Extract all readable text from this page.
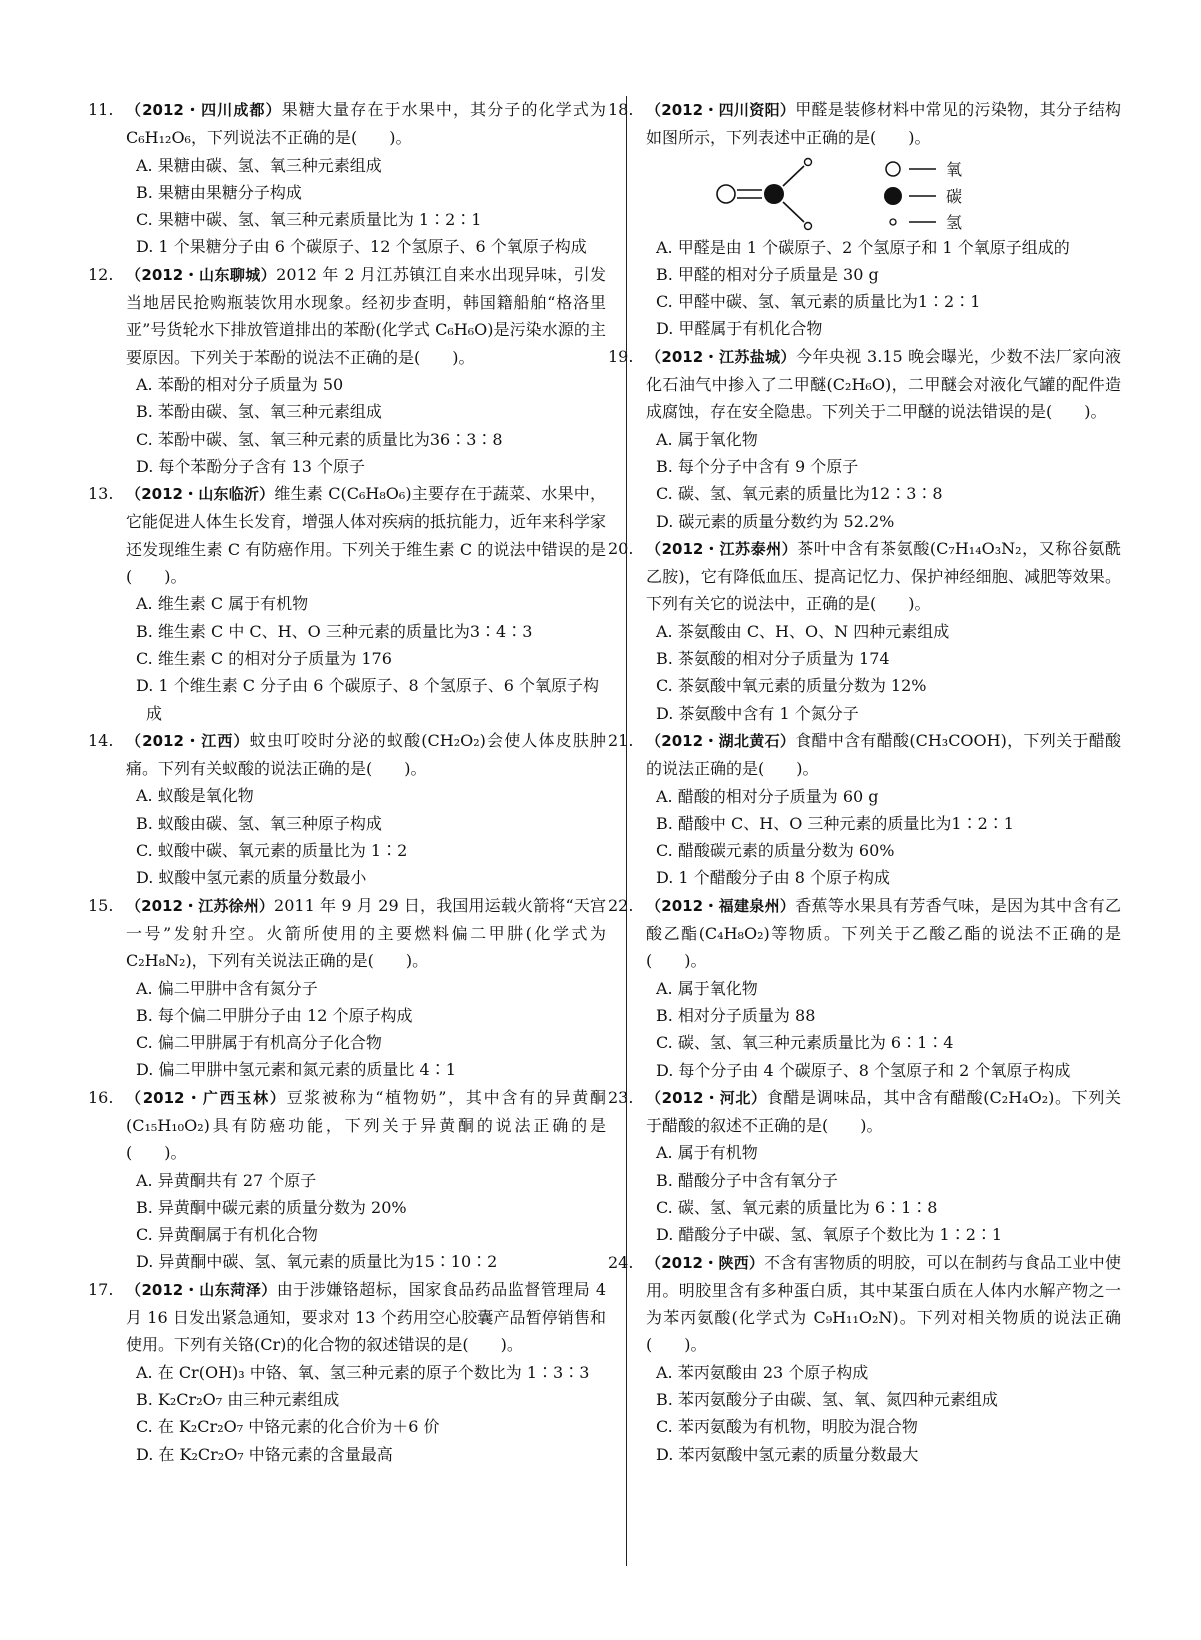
11. （2012・四川成都）果糖大量存在于水果中，其分子的化学式为 C₆H₁₂O₆，下列说法不正确的是(　　)。
A. 果糖由碳、氢、氧三种元素组成
B. 果糖由果糖分子构成
C. 果糖中碳、氢、氧三种元素质量比为 1∶2∶1
D. 1 个果糖分子由 6 个碳原子、12 个氢原子、6 个氧原子构成
12. （2012・山东聊城）2012 年 2 月江苏镇江自来水出现异味，引发当地居民抢购瓶装饮用水现象。经初步查明，韩国籍船舶“格洛里亚”号货轮水下排放管道排出的苯酚(化学式 C₆H₆O)是污染水源的主要原因。下列关于苯酚的说法不正确的是(　　)。
A. 苯酚的相对分子质量为 50
B. 苯酚由碳、氢、氧三种元素组成
C. 苯酚中碳、氢、氧三种元素的质量比为36∶3∶8
D. 每个苯酚分子含有 13 个原子
13. （2012・山东临沂）维生素 C(C₆H₈O₆)主要存在于蔬菜、水果中，它能促进人体生长发育，增强人体对疾病的抵抗能力，近年来科学家还发现维生素 C 有防癌作用。下列关于维生素 C 的说法中错误的是(　　)。
A. 维生素 C 属于有机物
B. 维生素 C 中 C、H、O 三种元素的质量比为3∶4∶3
C. 维生素 C 的相对分子质量为 176
D. 1 个维生素 C 分子由 6 个碳原子、8 个氢原子、6 个氧原子构成
14. （2012・江西）蚊虫叮咬时分泌的蚁酸(CH₂O₂)会使人体皮肤肿痛。下列有关蚁酸的说法正确的是(　　)。
A. 蚁酸是氧化物
B. 蚁酸由碳、氢、氧三种原子构成
C. 蚁酸中碳、氧元素的质量比为 1∶2
D. 蚁酸中氢元素的质量分数最小
15. （2012・江苏徐州）2011 年 9 月 29 日，我国用运载火箭将“天宫一号”发射升空。火箭所使用的主要燃料偏二甲肼(化学式为 C₂H₈N₂)，下列有关说法正确的是(　　)。
A. 偏二甲肼中含有氮分子
B. 每个偏二甲肼分子由 12 个原子构成
C. 偏二甲肼属于有机高分子化合物
D. 偏二甲肼中氢元素和氮元素的质量比 4∶1
16. （2012・广西玉林）豆浆被称为“植物奶”，其中含有的异黄酮(C₁₅H₁₀O₂)具有防癌功能，下列关于异黄酮的说法正确的是(　　)。
A. 异黄酮共有 27 个原子
B. 异黄酮中碳元素的质量分数为 20%
C. 异黄酮属于有机化合物
D. 异黄酮中碳、氢、氧元素的质量比为15∶10∶2
17. （2012・山东菏泽）由于涉嫌铬超标，国家食品药品监督管理局 4 月 16 日发出紧急通知，要求对 13 个药用空心胶囊产品暂停销售和使用。下列有关铬(Cr)的化合物的叙述错误的是(　　)。
A. 在 Cr(OH)₃ 中铬、氧、氢三种元素的原子个数比为 1∶3∶3
B. K₂Cr₂O₇ 由三种元素组成
C. 在 K₂Cr₂O₇ 中铬元素的化合价为＋6 价
D. 在 K₂Cr₂O₇ 中铬元素的含量最高
18. （2012・四川资阳）甲醛是装修材料中常见的污染物，其分子结构如图所示，下列表述中正确的是(　　)。
氧
碳
氢
A. 甲醛是由 1 个碳原子、2 个氢原子和 1 个氧原子组成的
B. 甲醛的相对分子质量是 30 g
C. 甲醛中碳、氢、氧元素的质量比为1∶2∶1
D. 甲醛属于有机化合物
19. （2012・江苏盐城）今年央视 3.15 晚会曝光，少数不法厂家向液化石油气中掺入了二甲醚(C₂H₆O)，二甲醚会对液化气罐的配件造成腐蚀，存在安全隐患。下列关于二甲醚的说法错误的是(　　)。
A. 属于氧化物
B. 每个分子中含有 9 个原子
C. 碳、氢、氧元素的质量比为12∶3∶8
D. 碳元素的质量分数约为 52.2%
20. （2012・江苏泰州）茶叶中含有茶氨酸(C₇H₁₄O₃N₂，又称谷氨酰乙胺)，它有降低血压、提高记忆力、保护神经细胞、减肥等效果。下列有关它的说法中，正确的是(　　)。
A. 茶氨酸由 C、H、O、N 四种元素组成
B. 茶氨酸的相对分子质量为 174
C. 茶氨酸中氧元素的质量分数为 12%
D. 茶氨酸中含有 1 个氮分子
21. （2012・湖北黄石）食醋中含有醋酸(CH₃COOH)，下列关于醋酸的说法正确的是(　　)。
A. 醋酸的相对分子质量为 60 g
B. 醋酸中 C、H、O 三种元素的质量比为1∶2∶1
C. 醋酸碳元素的质量分数为 60%
D. 1 个醋酸分子由 8 个原子构成
22. （2012・福建泉州）香蕉等水果具有芳香气味，是因为其中含有乙酸乙酯(C₄H₈O₂)等物质。下列关于乙酸乙酯的说法不正确的是(　　)。
A. 属于氧化物
B. 相对分子质量为 88
C. 碳、氢、氧三种元素质量比为 6∶1∶4
D. 每个分子由 4 个碳原子、8 个氢原子和 2 个氧原子构成
23. （2012・河北）食醋是调味品，其中含有醋酸(C₂H₄O₂)。下列关于醋酸的叙述不正确的是(　　)。
A. 属于有机物
B. 醋酸分子中含有氧分子
C. 碳、氢、氧元素的质量比为 6∶1∶8
D. 醋酸分子中碳、氢、氧原子个数比为 1∶2∶1
24. （2012・陕西）不含有害物质的明胶，可以在制药与食品工业中使用。明胶里含有多种蛋白质，其中某蛋白质在人体内水解产物之一为苯丙氨酸(化学式为 C₉H₁₁O₂N)。下列对相关物质的说法正确(　　)。
A. 苯丙氨酸由 23 个原子构成
B. 苯丙氨酸分子由碳、氢、氧、氮四种元素组成
C. 苯丙氨酸为有机物，明胶为混合物
D. 苯丙氨酸中氢元素的质量分数最大
